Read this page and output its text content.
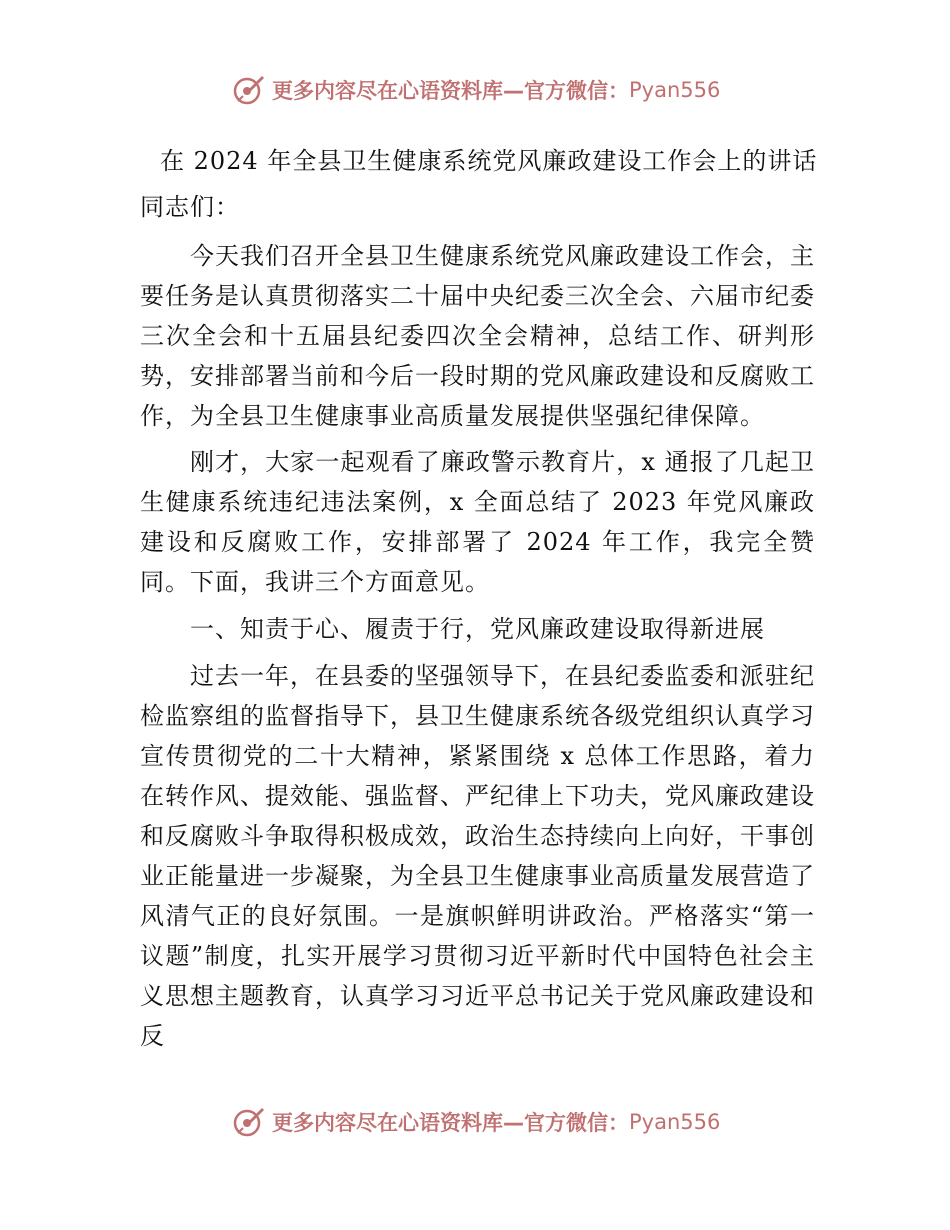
更多内容尽在心语资料库—官方微信： Pyan556

在 2024 年全县卫生健康系统党风廉政建设工作会上的讲话

同志们：

今天我们召开全县卫生健康系统党风廉政建设工作会，主要任务是认真贯彻落实二十届中央纪委三次全会、六届市纪委三次全会和十五届县纪委四次全会精神，总结工作、研判形势，安排部署当前和今后一段时期的党风廉政建设和反腐败工作，为全县卫生健康事业高质量发展提供坚强纪律保障。

刚才，大家一起观看了廉政警示教育片，x 通报了几起卫生健康系统违纪违法案例，x 全面总结了 2023 年党风廉政建设和反腐败工作，安排部署了 2024 年工作，我完全赞同。下面，我讲三个方面意见。

一、知责于心、履责于行，党风廉政建设取得新进展

过去一年，在县委的坚强领导下，在县纪委监委和派驻纪检监察组的监督指导下，县卫生健康系统各级党组织认真学习宣传贯彻党的二十大精神，紧紧围绕 x 总体工作思路，着力在转作风、提效能、强监督、严纪律上下功夫，党风廉政建设和反腐败斗争取得积极成效，政治生态持续向上向好，干事创业正能量进一步凝聚，为全县卫生健康事业高质量发展营造了风清气正的良好氛围。一是旗帜鲜明讲政治。严格落实“第一议题”制度，扎实开展学习贯彻习近平新时代中国特色社会主义思想主题教育，认真学习习近平总书记关于党风廉政建设和反

更多内容尽在心语资料库—官方微信： Pyan556
